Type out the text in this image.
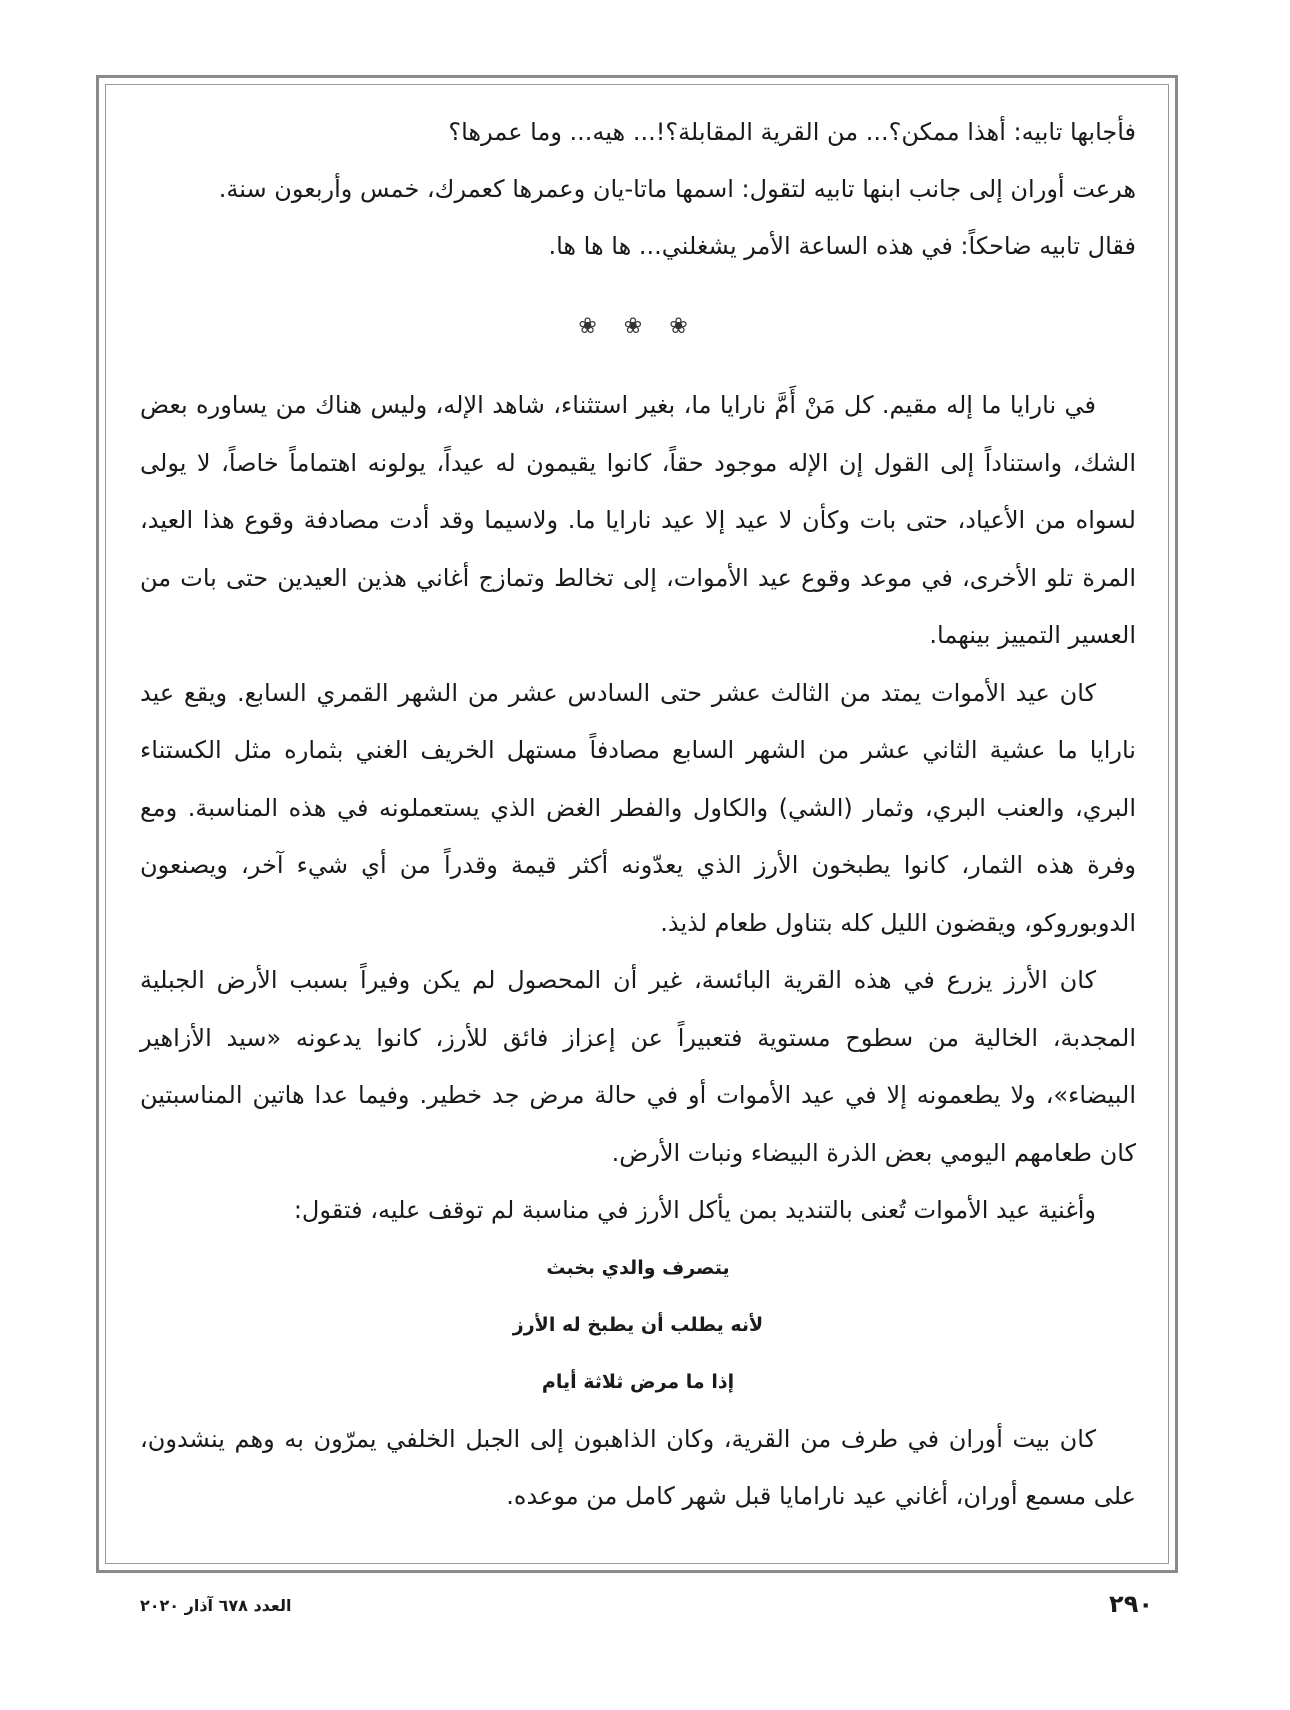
فأجابها تابيه: أهذا ممكن؟... من القرية المقابلة؟!... هيه... وما عمرها؟
هرعت أوران إلى جانب ابنها تابيه لتقول: اسمها ماتا-يان وعمرها كعمرك، خمس وأربعون سنة.
فقال تابيه ضاحكاً: في هذه الساعة الأمر يشغلني... ها ها ها.
❀ ❀ ❀

في نارايا ما إله مقيم. كل مَنْ أَمَّ نارايا ما، بغير استثناء، شاهد الإله، وليس هناك من يساوره بعض الشك، واستناداً إلى القول إن الإله موجود حقاً، كانوا يقيمون له عيداً، يولونه اهتماماً خاصاً، لا يولى لسواه من الأعياد، حتى بات وكأن لا عيد إلا عيد نارايا ما. ولاسيما وقد أدت مصادفة وقوع هذا العيد، المرة تلو الأخرى، في موعد وقوع عيد الأموات، إلى تخالط وتمازج أغاني هذين العيدين حتى بات من العسير التمييز بينهما.

كان عيد الأموات يمتد من الثالث عشر حتى السادس عشر من الشهر القمري السابع. ويقع عيد نارايا ما عشية الثاني عشر من الشهر السابع مصادفاً مستهل الخريف الغني بثماره مثل الكستناء البري، والعنب البري، وثمار (الشي) والكاول والفطر الغض الذي يستعملونه في هذه المناسبة. ومع وفرة هذه الثمار، كانوا يطبخون الأرز الذي يعدّونه أكثر قيمة وقدراً من أي شيء آخر، ويصنعون الدوبوروكو، ويقضون الليل كله بتناول طعام لذيذ.

كان الأرز يزرع في هذه القرية البائسة، غير أن المحصول لم يكن وفيراً بسبب الأرض الجبلية المجدبة، الخالية من سطوح مستوية فتعبيراً عن إعزاز فائق للأرز، كانوا يدعونه «سيد الأزاهير البيضاء»، ولا يطعمونه إلا في عيد الأموات أو في حالة مرض جد خطير. وفيما عدا هاتين المناسبتين كان طعامهم اليومي بعض الذرة البيضاء ونبات الأرض.

وأغنية عيد الأموات تُعنى بالتنديد بمن يأكل الأرز في مناسبة لم توقف عليه، فتقول:

يتصرف والدي بخبث

لأنه يطلب أن يطبخ له الأرز

إذا ما مرض ثلاثة أيام

كان بيت أوران في طرف من القرية، وكان الذاهبون إلى الجبل الخلفي يمرّون به وهم ينشدون، على مسمع أوران، أغاني عيد نارامايا قبل شهر كامل من موعده.

٢٩٠
العدد ٦٧٨ آذار ٢٠٢٠
